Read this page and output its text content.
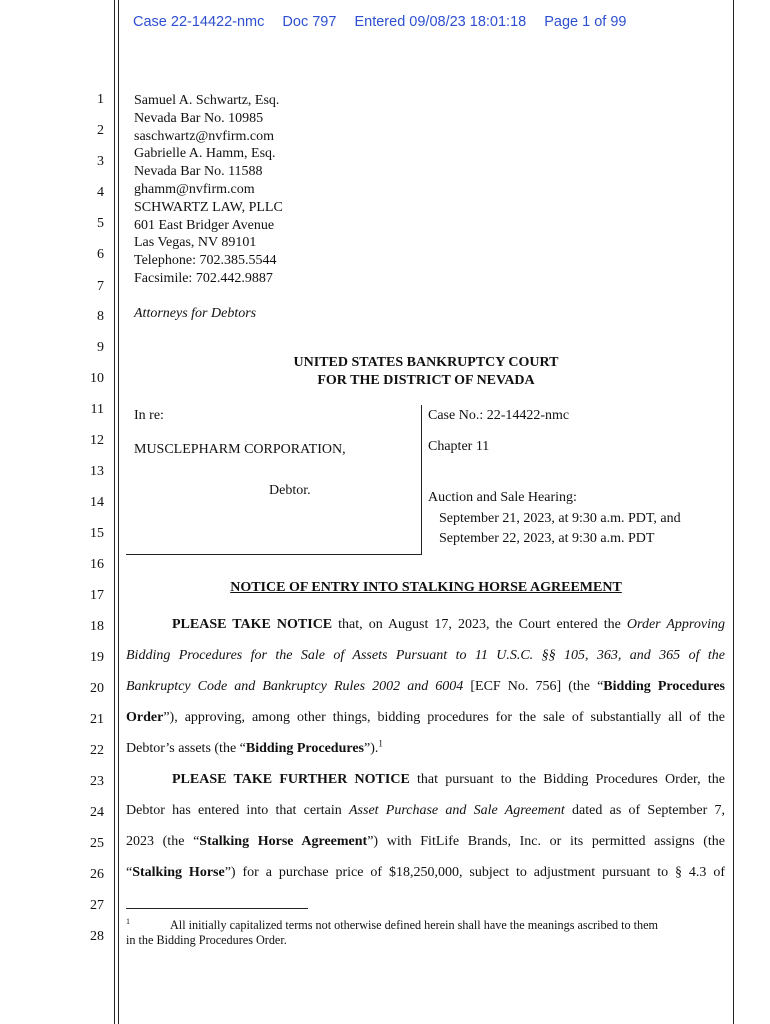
Case 22-14422-nmc Doc 797 Entered 09/08/23 18:01:18 Page 1 of 99
1
2
3
4
5
6
7
8
9
10
11
12
13
14
15
16
17
18
19
20
21
22
23
24
25
26
27
28
Samuel A. Schwartz, Esq.
Nevada Bar No. 10985
saschwartz@nvfirm.com
Gabrielle A. Hamm, Esq.
Nevada Bar No. 11588
ghamm@nvfirm.com
SCHWARTZ LAW, PLLC
601 East Bridger Avenue
Las Vegas, NV 89101
Telephone: 702.385.5544
Facsimile: 702.442.9887
Attorneys for Debtors
UNITED STATES BANKRUPTCY COURT
FOR THE DISTRICT OF NEVADA
In re:
MUSCLEPHARM CORPORATION,
Debtor.
Case No.: 22-14422-nmc
Chapter 11
Auction and Sale Hearing:
September 21, 2023, at 9:30 a.m. PDT, and
September 22, 2023, at 9:30 a.m. PDT
NOTICE OF ENTRY INTO STALKING HORSE AGREEMENT
PLEASE TAKE NOTICE that, on August 17, 2023, the Court entered the Order Approving
Bidding Procedures for the Sale of Assets Pursuant to 11 U.S.C. §§ 105, 363, and 365 of the
Bankruptcy Code and Bankruptcy Rules 2002 and 6004 [ECF No. 756] (the “Bidding Procedures
Order”), approving, among other things, bidding procedures for the sale of substantially all of the
Debtor’s assets (the “Bidding Procedures”).$^1$
PLEASE TAKE FURTHER NOTICE that pursuant to the Bidding Procedures Order, the
Debtor has entered into that certain Asset Purchase and Sale Agreement dated as of September 7,
2023 (the “Stalking Horse Agreement”) with FitLife Brands, Inc. or its permitted assigns (the
“Stalking Horse”) for a purchase price of $18,250,000, subject to adjustment pursuant to § 4.3 of
$^1$	All initially capitalized terms not otherwise defined herein shall have the meanings ascribed to them
in the Bidding Procedures Order.
